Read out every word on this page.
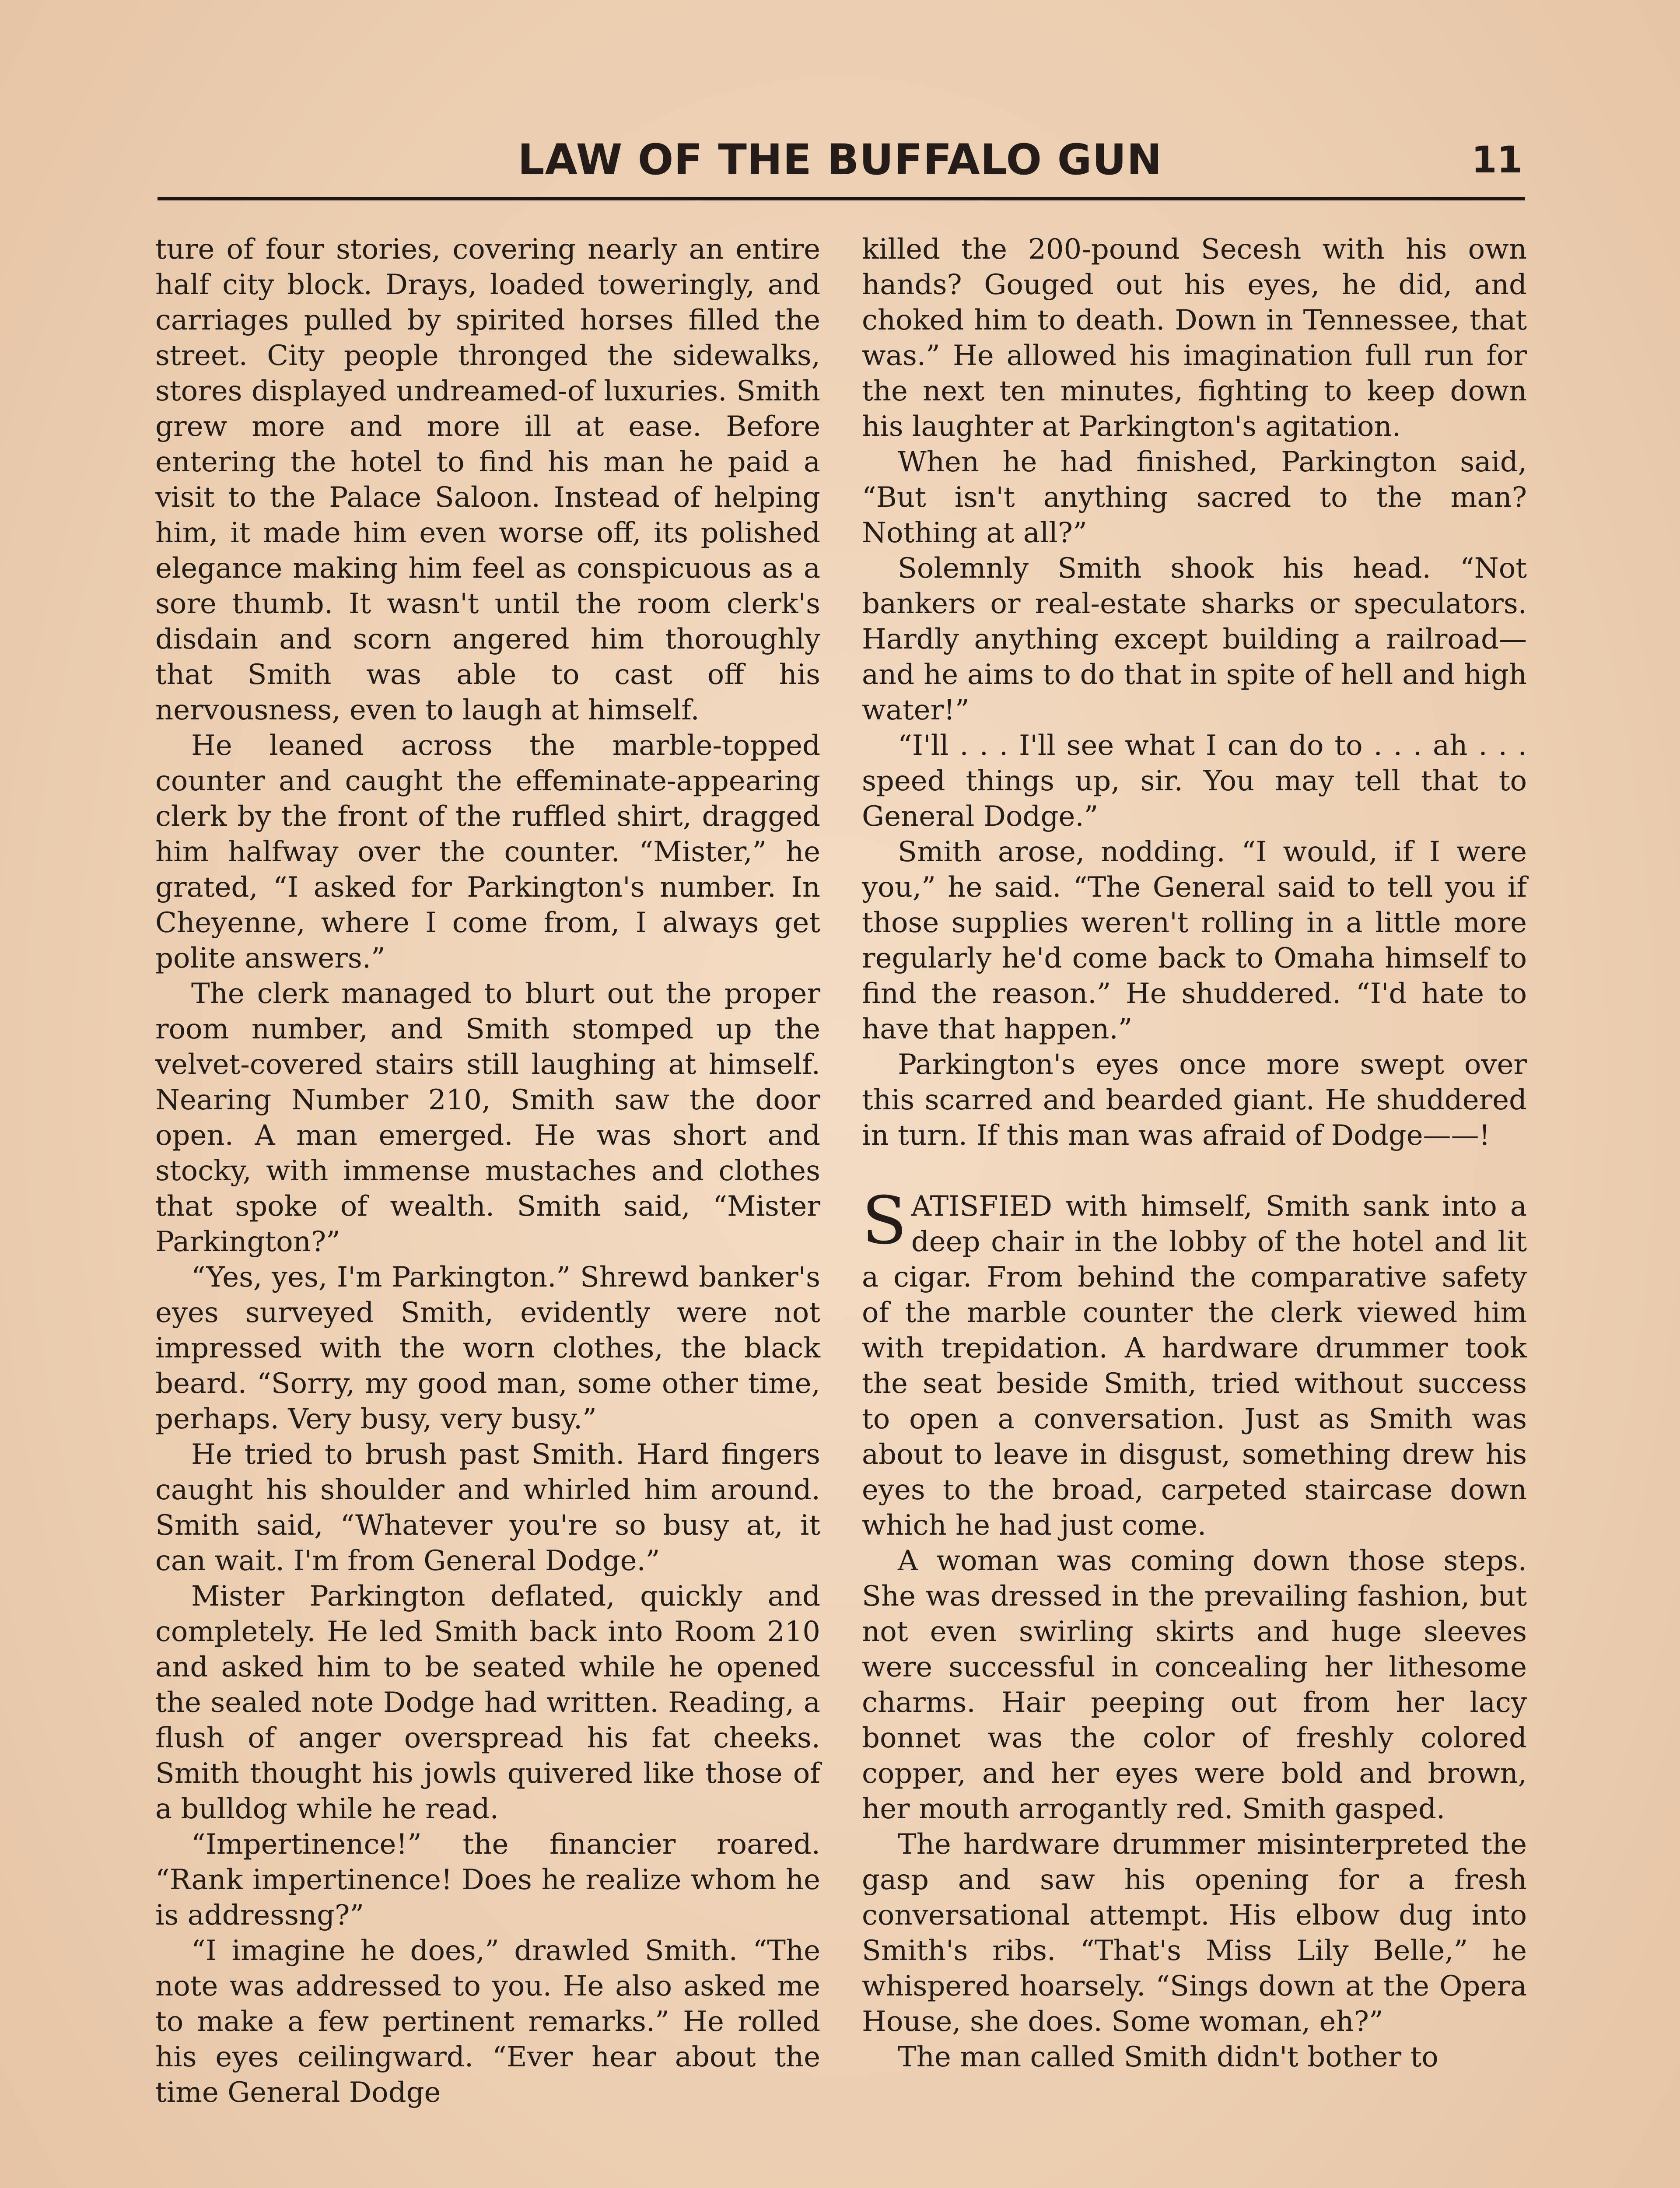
LAW OF THE BUFFALO GUN	11

ture of four stories, covering nearly an entire half city block. Drays, loaded toweringly, and carriages pulled by spirited horses filled the street. City people thronged the sidewalks, stores displayed undreamed-of luxuries. Smith grew more and more ill at ease. Before entering the hotel to find his man he paid a visit to the Palace Saloon. Instead of helping him, it made him even worse off, its polished elegance making him feel as conspicuous as a sore thumb. It wasn't until the room clerk's disdain and scorn angered him thoroughly that Smith was able to cast off his nervousness, even to laugh at himself.

He leaned across the marble-topped counter and caught the effeminate-appearing clerk by the front of the ruffled shirt, dragged him halfway over the counter. “Mister,” he grated, “I asked for Parkington's number. In Cheyenne, where I come from, I always get polite answers.”

The clerk managed to blurt out the proper room number, and Smith stomped up the velvet-covered stairs still laughing at himself. Nearing Number 210, Smith saw the door open. A man emerged. He was short and stocky, with immense mustaches and clothes that spoke of wealth. Smith said, “Mister Parkington?”

“Yes, yes, I'm Parkington.” Shrewd banker's eyes surveyed Smith, evidently were not impressed with the worn clothes, the black beard. “Sorry, my good man, some other time, perhaps. Very busy, very busy.”

He tried to brush past Smith. Hard fingers caught his shoulder and whirled him around. Smith said, “Whatever you're so busy at, it can wait. I'm from General Dodge.”

Mister Parkington deflated, quickly and completely. He led Smith back into Room 210 and asked him to be seated while he opened the sealed note Dodge had written. Reading, a flush of anger overspread his fat cheeks. Smith thought his jowls quivered like those of a bulldog while he read.

“Impertinence!” the financier roared. “Rank impertinence! Does he realize whom he is addressng?”

“I imagine he does,” drawled Smith. “The note was addressed to you. He also asked me to make a few pertinent remarks.” He rolled his eyes ceilingward. “Ever hear about the time General Dodge

killed the 200-pound Secesh with his own hands? Gouged out his eyes, he did, and choked him to death. Down in Tennessee, that was.” He allowed his imagination full run for the next ten minutes, fighting to keep down his laughter at Parkington's agitation.

When he had finished, Parkington said, “But isn't anything sacred to the man? Nothing at all?”

Solemnly Smith shook his head. “Not bankers or real-estate sharks or speculators. Hardly anything except building a railroad—and he aims to do that in spite of hell and high water!”

“I'll . . . I'll see what I can do to . . . ah . . . speed things up, sir. You may tell that to General Dodge.”

Smith arose, nodding. “I would, if I were you,” he said. “The General said to tell you if those supplies weren't rolling in a little more regularly he'd come back to Omaha himself to find the reason.” He shuddered. “I'd hate to have that happen.”

Parkington's eyes once more swept over this scarred and bearded giant. He shuddered in turn. If this man was afraid of Dodge——!

SATISFIED with himself, Smith sank into a deep chair in the lobby of the hotel and lit a cigar. From behind the comparative safety of the marble counter the clerk viewed him with trepidation. A hardware drummer took the seat beside Smith, tried without success to open a conversation. Just as Smith was about to leave in disgust, something drew his eyes to the broad, carpeted staircase down which he had just come.

A woman was coming down those steps. She was dressed in the prevailing fashion, but not even swirling skirts and huge sleeves were successful in concealing her lithesome charms. Hair peeping out from her lacy bonnet was the color of freshly colored copper, and her eyes were bold and brown, her mouth arrogantly red. Smith gasped.

The hardware drummer misinterpreted the gasp and saw his opening for a fresh conversational attempt. His elbow dug into Smith's ribs. “That's Miss Lily Belle,” he whispered hoarsely. “Sings down at the Opera House, she does. Some woman, eh?”

The man called Smith didn't bother to
